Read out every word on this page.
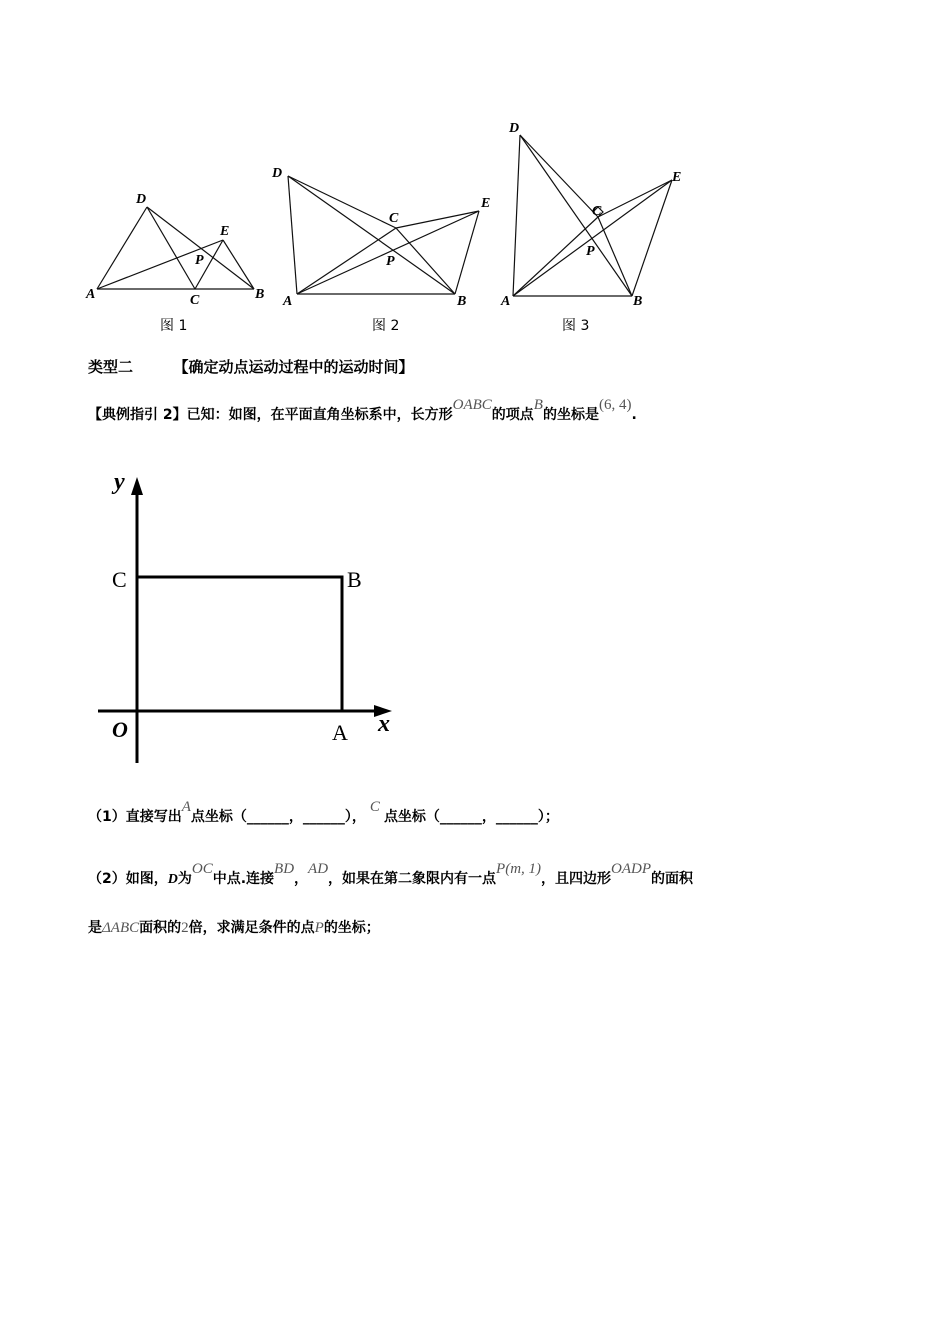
D
E
P
A	C	B
图 1
D
C
E
P
A	B
图 2
D
C
E
P
A	B
图 3
类型二	【确定动点运动过程中的运动时间】
【典例指引 2】已知：如图，在平面直角坐标系中，长方形OABC的项点B的坐标是(6, 4).
y
x
O
C	B
A
（1）直接写出A点坐标（______，______），C点坐标（______，______）；
（2）如图，D为OC中点.连接BD，AD，如果在第二象限内有一点P(m, 1)，且四边形OADP的面积
是ΔABC面积的2倍，求满足条件的点P的坐标；
